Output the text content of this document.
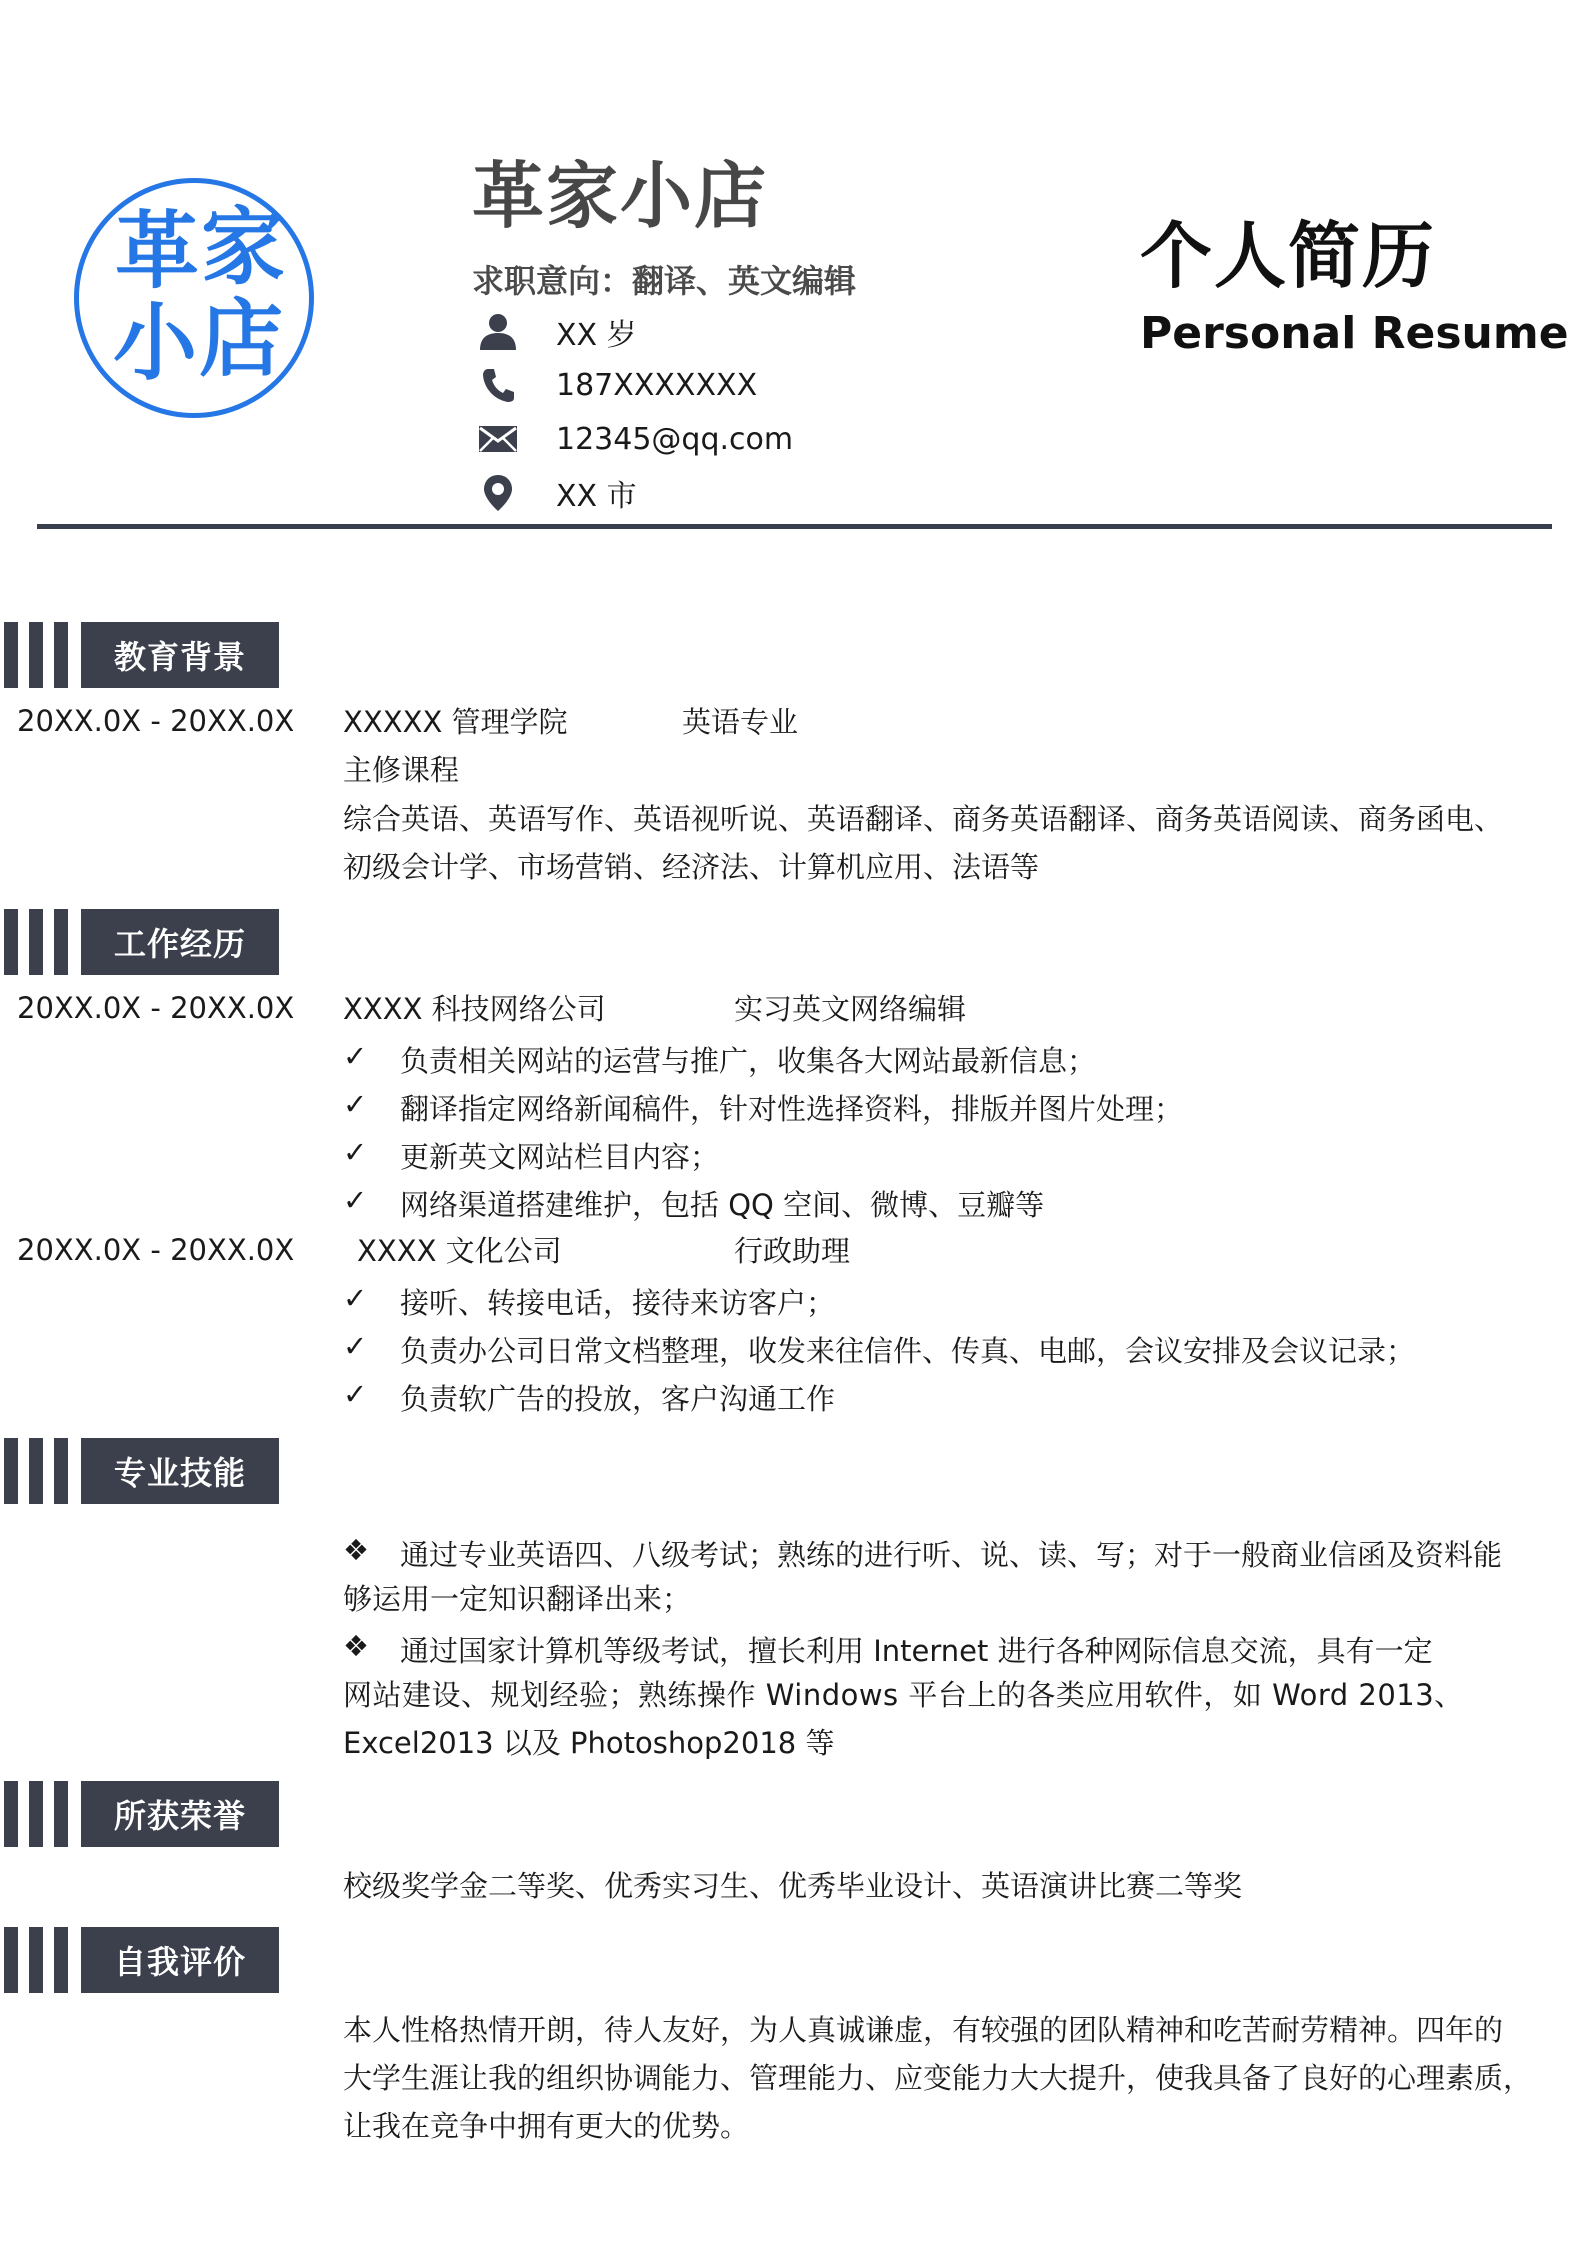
革 家
小 店
革家小店
求职意向：翻译、英文编辑
XX 岁
187XXXXXXX
12345@qq.com
XX 市
个人简历
Personal Resume
教育背景
20XX.0X - 20XX.0X XXXXX 管理学院	英语专业
主修课程
综合英语、英语写作、英语视听说、英语翻译、商务英语翻译、商务英语阅读、商务函电、
初级会计学、市场营销、经济法、计算机应用、法语等
工作经历
20XX.0X - 20XX.0X XXXX 科技网络公司	实习英文网络编辑
✓	负责相关网站的运营与推广，收集各大网站最新信息；
✓	翻译指定网络新闻稿件，针对性选择资料，排版并图片处理；
✓	更新英文网站栏目内容；
✓	网络渠道搭建维护，包括 QQ 空间、微博、豆瓣等
20XX.0X - 20XX.0X XXXX 文化公司	行政助理
✓	接听、转接电话，接待来访客户；
✓	负责办公司日常文档整理，收发来往信件、传真、电邮，会议安排及会议记录；
✓	负责软广告的投放，客户沟通工作
专业技能
❖	通过专业英语四、八级考试；熟练的进行听、说、读、写；对于一般商业信函及资料能
够运用一定知识翻译出来；
❖	通过国家计算机等级考试，擅长利用 Internet 进行各种网际信息交流，具有一定
网站建设、规划经验；熟练操作 Windows 平台上的各类应用软件，如 Word 2013、
Excel2013 以及 Photoshop2018 等
所获荣誉
校级奖学金二等奖、优秀实习生、优秀毕业设计、英语演讲比赛二等奖
自我评价
本人性格热情开朗，待人友好，为人真诚谦虚，有较强的团队精神和吃苦耐劳精神。四年的
大学生涯让我的组织协调能力、管理能力、应变能力大大提升，使我具备了良好的心理素质，
让我在竞争中拥有更大的优势。
